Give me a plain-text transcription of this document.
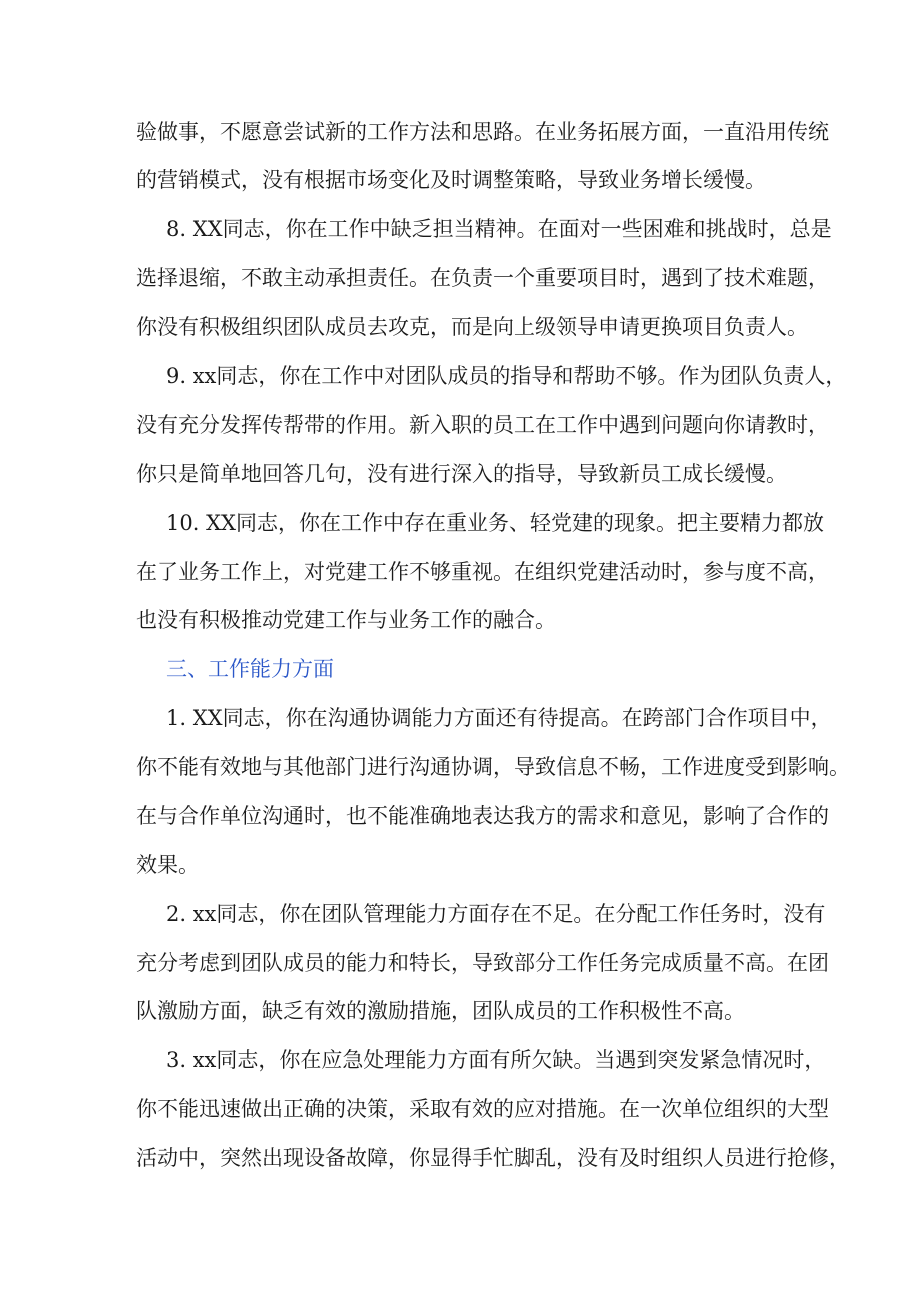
验做事，不愿意尝试新的工作方法和思路。在业务拓展方面，一直沿用传统
的营销模式，没有根据市场变化及时调整策略，导致业务增长缓慢。
8. XX同志，你在工作中缺乏担当精神。在面对一些困难和挑战时，总是
选择退缩，不敢主动承担责任。在负责一个重要项目时，遇到了技术难题，
你没有积极组织团队成员去攻克，而是向上级领导申请更换项目负责人。
9. xx同志，你在工作中对团队成员的指导和帮助不够。作为团队负责人，
没有充分发挥传帮带的作用。新入职的员工在工作中遇到问题向你请教时，
你只是简单地回答几句，没有进行深入的指导，导致新员工成长缓慢。
10. XX同志，你在工作中存在重业务、轻党建的现象。把主要精力都放
在了业务工作上，对党建工作不够重视。在组织党建活动时，参与度不高，
也没有积极推动党建工作与业务工作的融合。
三、工作能力方面
1. XX同志，你在沟通协调能力方面还有待提高。在跨部门合作项目中，
你不能有效地与其他部门进行沟通协调，导致信息不畅，工作进度受到影响。
在与合作单位沟通时，也不能准确地表达我方的需求和意见，影响了合作的
效果。
2. xx同志，你在团队管理能力方面存在不足。在分配工作任务时，没有
充分考虑到团队成员的能力和特长，导致部分工作任务完成质量不高。在团
队激励方面，缺乏有效的激励措施，团队成员的工作积极性不高。
3. xx同志，你在应急处理能力方面有所欠缺。当遇到突发紧急情况时，
你不能迅速做出正确的决策，采取有效的应对措施。在一次单位组织的大型
活动中，突然出现设备故障，你显得手忙脚乱，没有及时组织人员进行抢修，
